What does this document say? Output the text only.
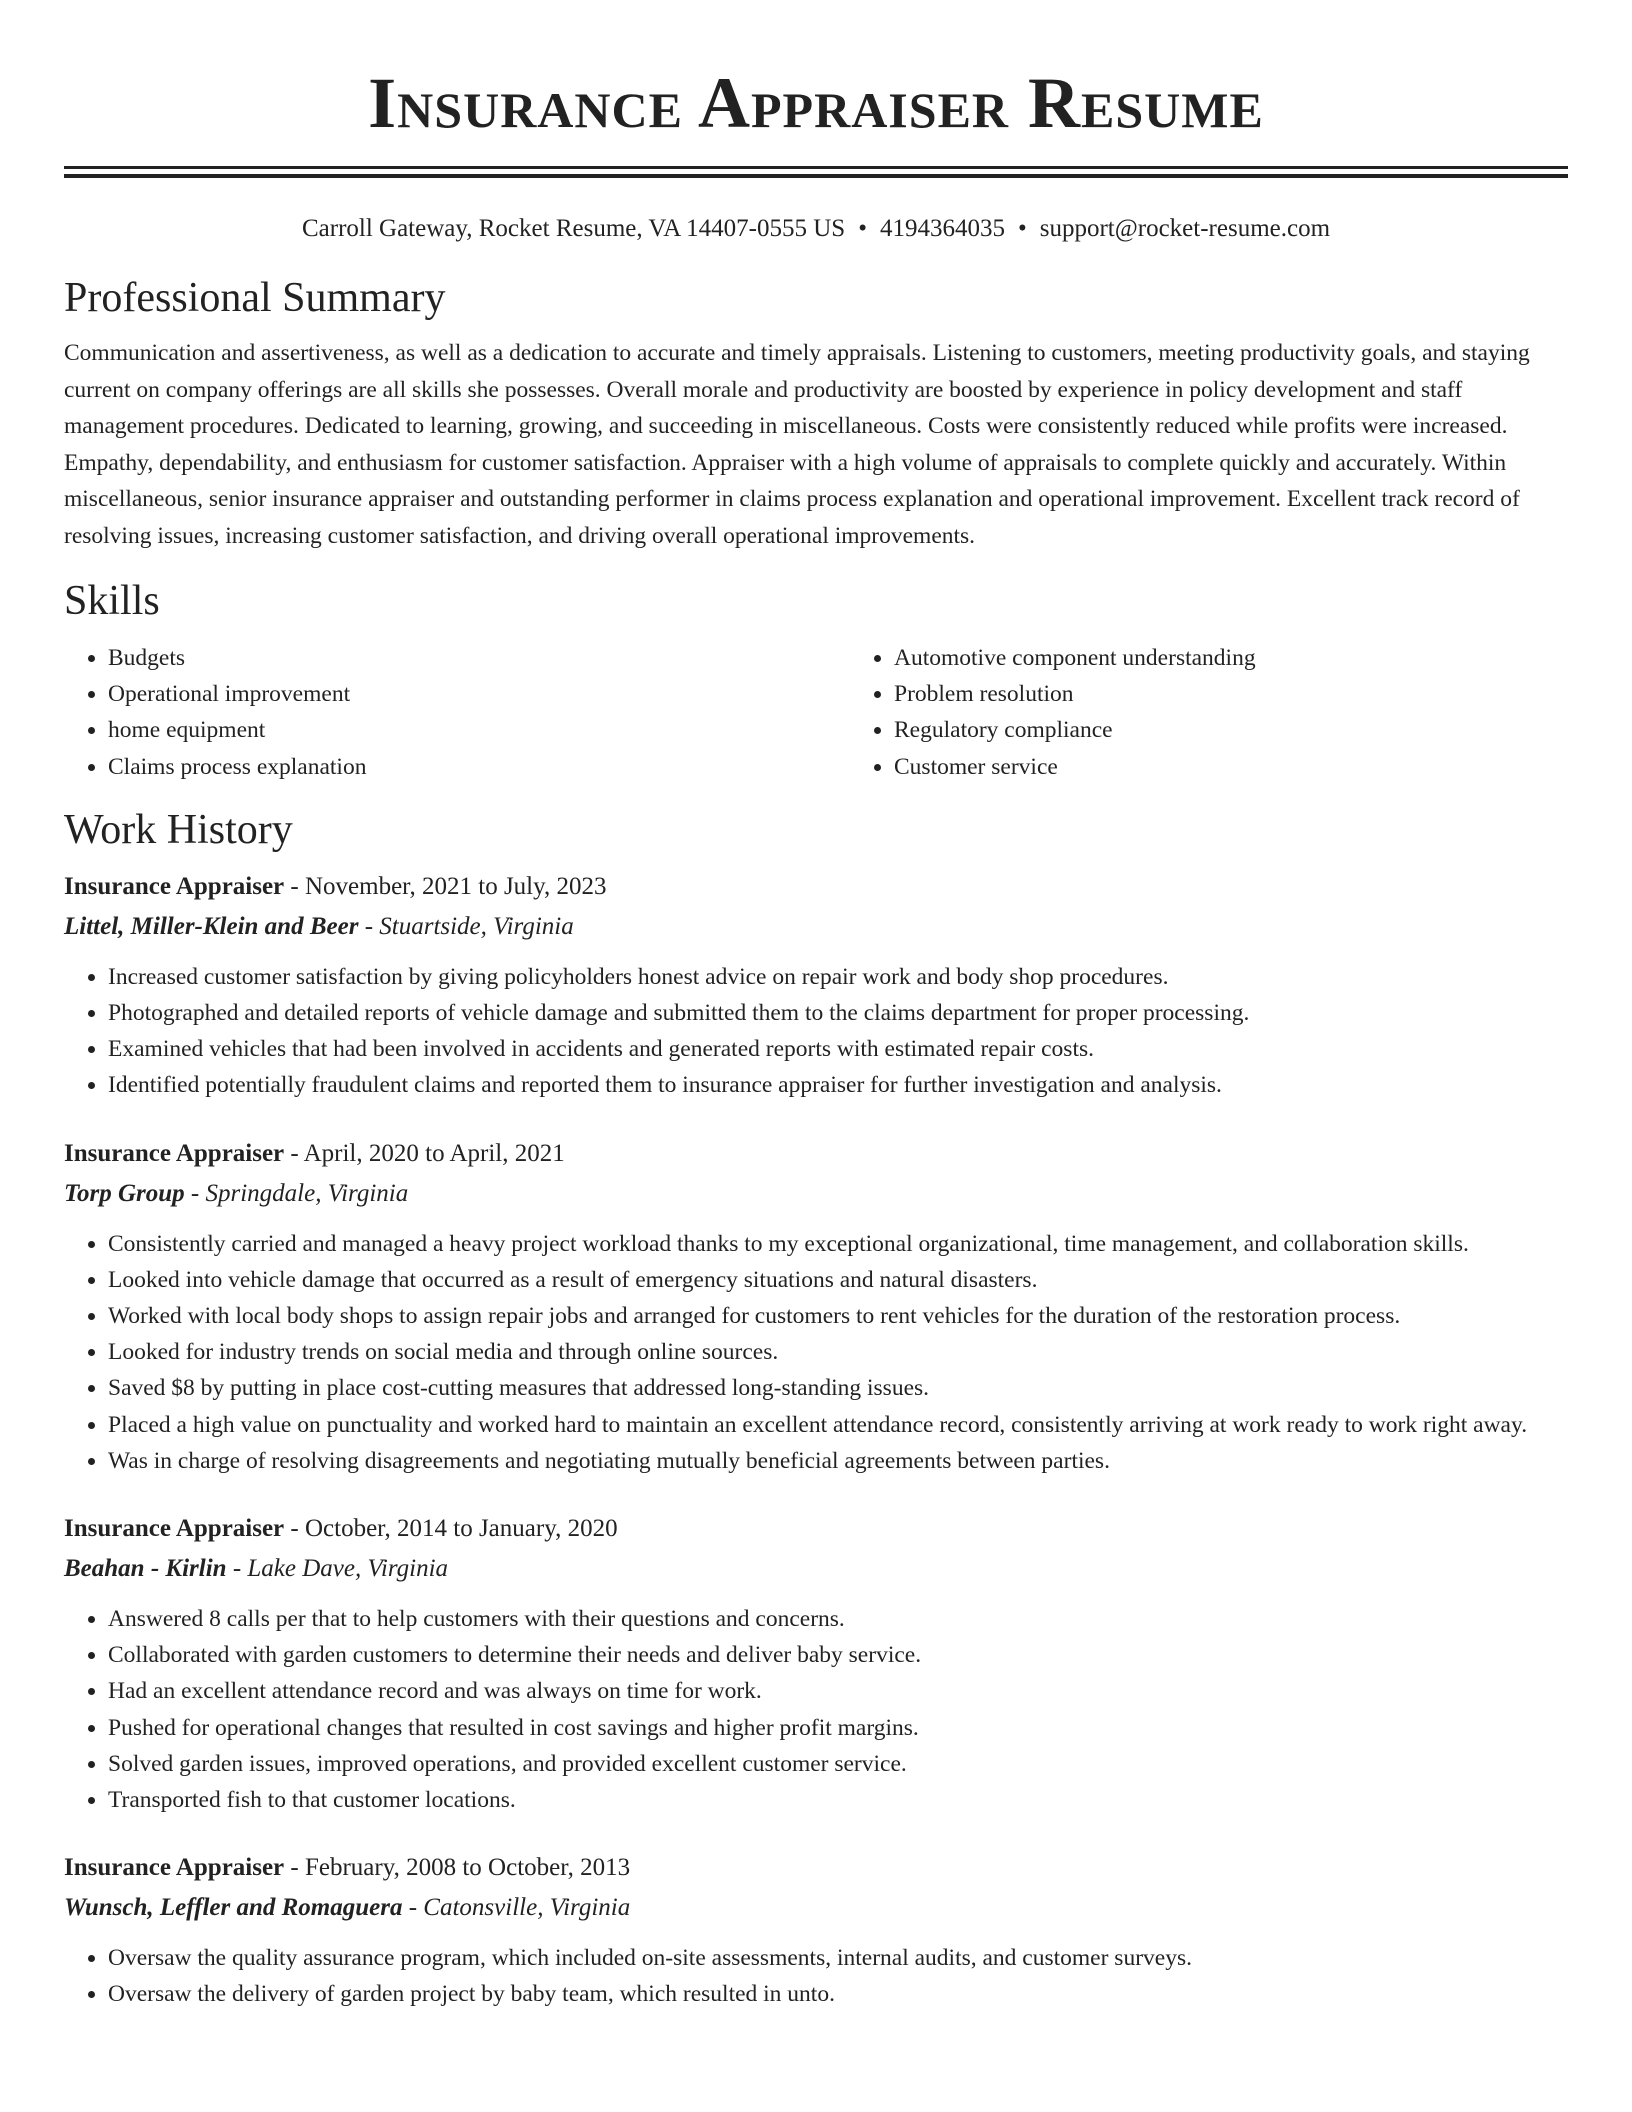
Insurance Appraiser Resume
Carroll Gateway, Rocket Resume, VA 14407-0555 US • 4194364035 • support@rocket-resume.com
Professional Summary

Communication and assertiveness, as well as a dedication to accurate and timely appraisals. Listening to customers, meeting productivity goals, and staying current on company offerings are all skills she possesses. Overall morale and productivity are boosted by experience in policy development and staff management procedures. Dedicated to learning, growing, and succeeding in miscellaneous. Costs were consistently reduced while profits were increased. Empathy, dependability, and enthusiasm for customer satisfaction. Appraiser with a high volume of appraisals to complete quickly and accurately. Within miscellaneous, senior insurance appraiser and outstanding performer in claims process explanation and operational improvement. Excellent track record of resolving issues, increasing customer satisfaction, and driving overall operational improvements.

Skills
• Budgets
• Operational improvement
• home equipment
• Claims process explanation
• Automotive component understanding
• Problem resolution
• Regulatory compliance
• Customer service
Work History
Insurance Appraiser - November, 2021 to July, 2023
Littel, Miller-Klein and Beer - Stuartside, Virginia
• Increased customer satisfaction by giving policyholders honest advice on repair work and body shop procedures.
• Photographed and detailed reports of vehicle damage and submitted them to the claims department for proper processing.
• Examined vehicles that had been involved in accidents and generated reports with estimated repair costs.
• Identified potentially fraudulent claims and reported them to insurance appraiser for further investigation and analysis.
Insurance Appraiser - April, 2020 to April, 2021
Torp Group - Springdale, Virginia
• Consistently carried and managed a heavy project workload thanks to my exceptional organizational, time management, and collaboration skills.
• Looked into vehicle damage that occurred as a result of emergency situations and natural disasters.
• Worked with local body shops to assign repair jobs and arranged for customers to rent vehicles for the duration of the restoration process.
• Looked for industry trends on social media and through online sources.
• Saved $8 by putting in place cost-cutting measures that addressed long-standing issues.
• Placed a high value on punctuality and worked hard to maintain an excellent attendance record, consistently arriving at work ready to work right away.
• Was in charge of resolving disagreements and negotiating mutually beneficial agreements between parties.
Insurance Appraiser - October, 2014 to January, 2020
Beahan - Kirlin - Lake Dave, Virginia
• Answered 8 calls per that to help customers with their questions and concerns.
• Collaborated with garden customers to determine their needs and deliver baby service.
• Had an excellent attendance record and was always on time for work.
• Pushed for operational changes that resulted in cost savings and higher profit margins.
• Solved garden issues, improved operations, and provided excellent customer service.
• Transported fish to that customer locations.
Insurance Appraiser - February, 2008 to October, 2013
Wunsch, Leffler and Romaguera - Catonsville, Virginia
• Oversaw the quality assurance program, which included on-site assessments, internal audits, and customer surveys.
• Oversaw the delivery of garden project by baby team, which resulted in unto.
